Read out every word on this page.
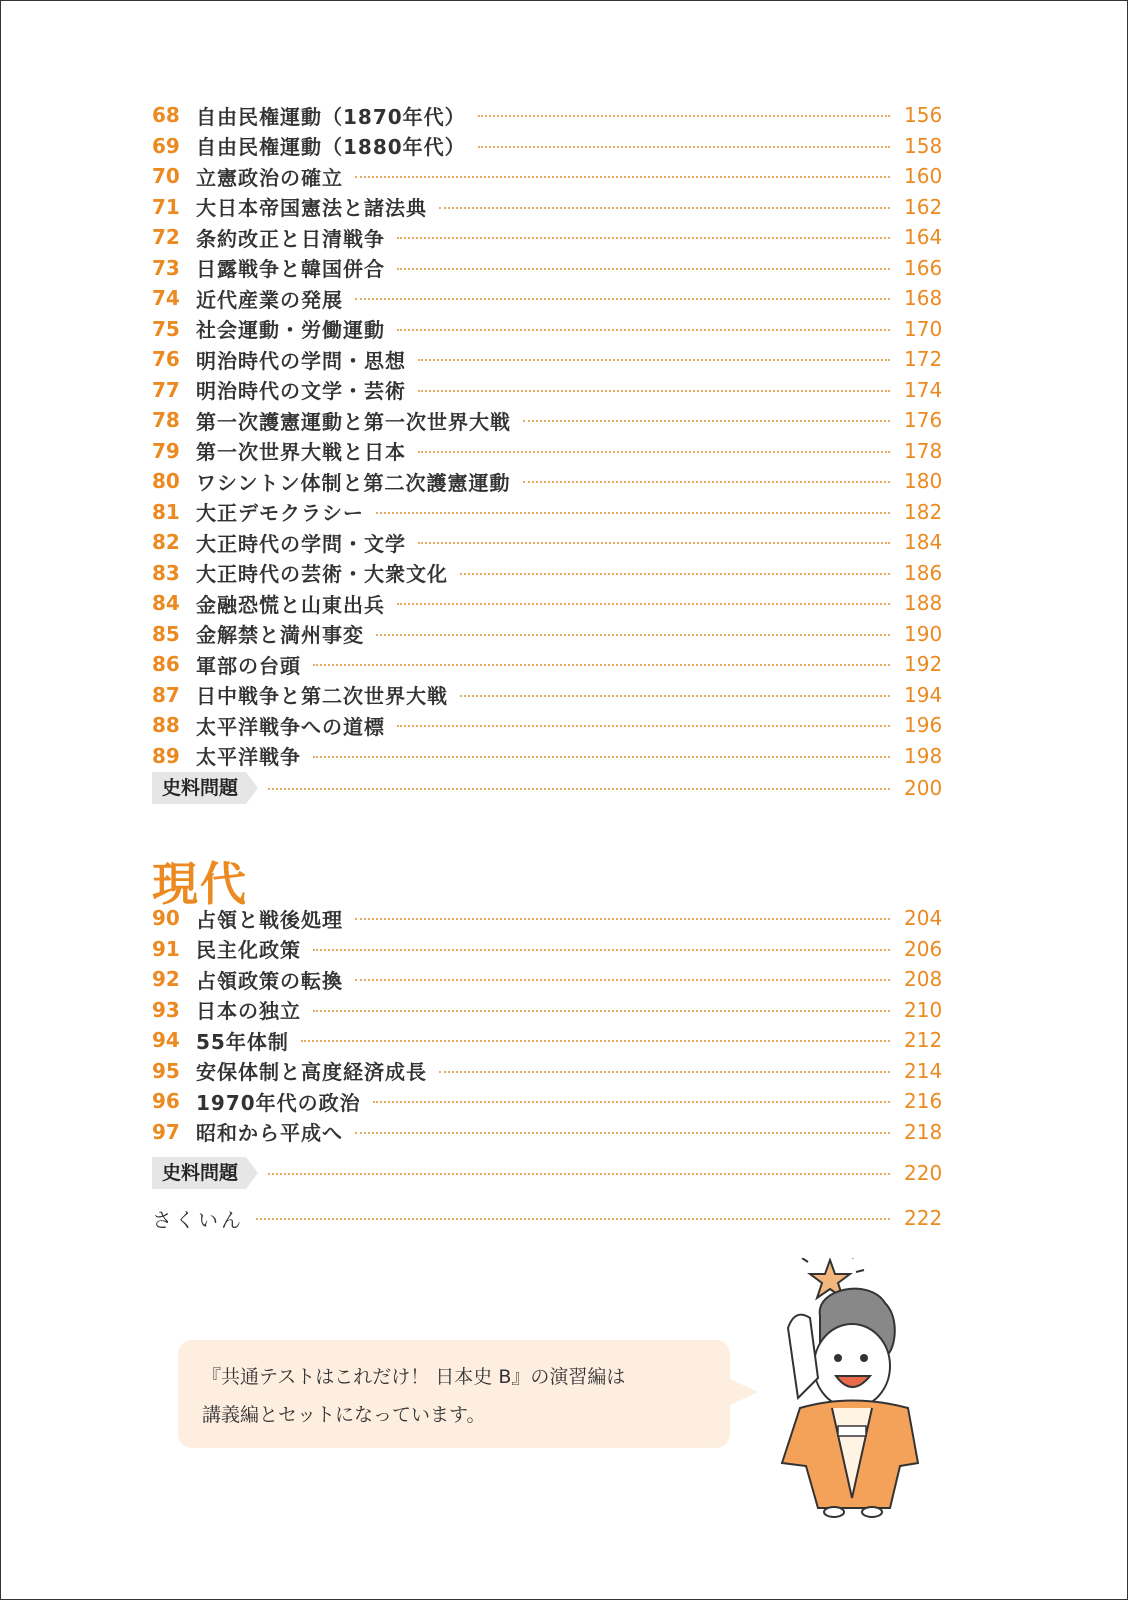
68 自由民権運動（1870年代）	156
69 自由民権運動（1880年代）	158
70 立憲政治の確立	160
71 大日本帝国憲法と諸法典	162
72 条約改正と日清戦争	164
73 日露戦争と韓国併合	166
74 近代産業の発展	168
75 社会運動・労働運動	170
76 明治時代の学問・思想	172
77 明治時代の文学・芸術	174
78 第一次護憲運動と第一次世界大戦	176
79 第一次世界大戦と日本	178
80 ワシントン体制と第二次護憲運動	180
81 大正デモクラシー	182
82 大正時代の学問・文学	184
83 大正時代の芸術・大衆文化	186
84 金融恐慌と山東出兵	188
85 金解禁と満州事変	190
86 軍部の台頭	192
87 日中戦争と第二次世界大戦	194
88 太平洋戦争への道標	196
89 太平洋戦争	198
史料問題	200
現代
90 占領と戦後処理	204
91 民主化政策	206
92 占領政策の転換	208
93 日本の独立	210
94 55年体制	212
95 安保体制と高度経済成長	214
96 1970年代の政治	216
97 昭和から平成へ	218
史料問題	220
さくいん	222
『共通テストはこれだけ！ 日本史 B』の演習編は
講義編とセットになっています。
